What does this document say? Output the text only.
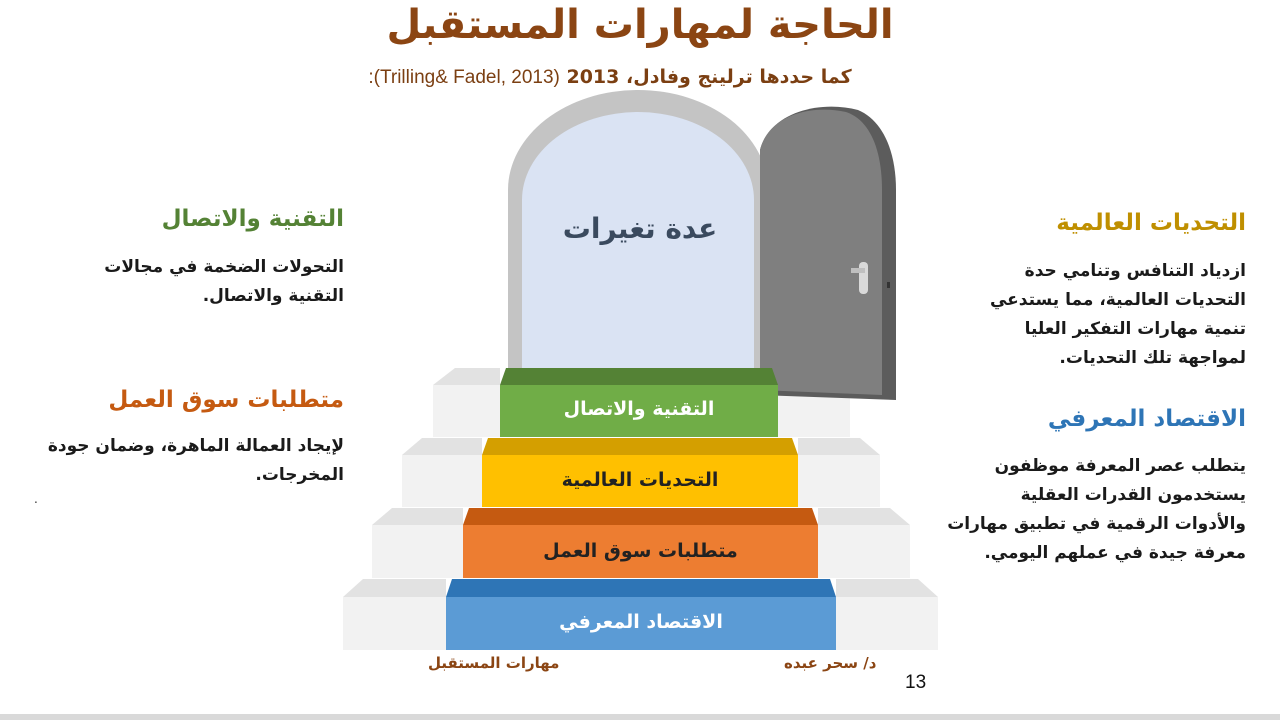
الحاجة لمهارات المستقبل
كما حددها ترلينج وفادل، 2013 (Trilling& Fadel, 2013):
عدة تغيرات
التقنية والاتصال
التحديات العالمية
متطلبات سوق العمل
الاقتصاد المعرفي
التقنية والاتصال
التحولات الضخمة في مجالات التقنية والاتصال.
متطلبات سوق العمل
لإيجاد العمالة الماهرة، وضمان جودة المخرجات.
.
التحديات العالمية
ازدياد التنافس وتنامي حدة التحديات العالمية، مما يستدعي تنمية مهارات التفكير العليا لمواجهة تلك التحديات.
الاقتصاد المعرفي
يتطلب عصر المعرفة موظفون يستخدمون القدرات العقلية والأدوات الرقمية في تطبيق مهارات معرفة جيدة في عملهم اليومي.
د/ سحر عبده
مهارات المستقبل
13
